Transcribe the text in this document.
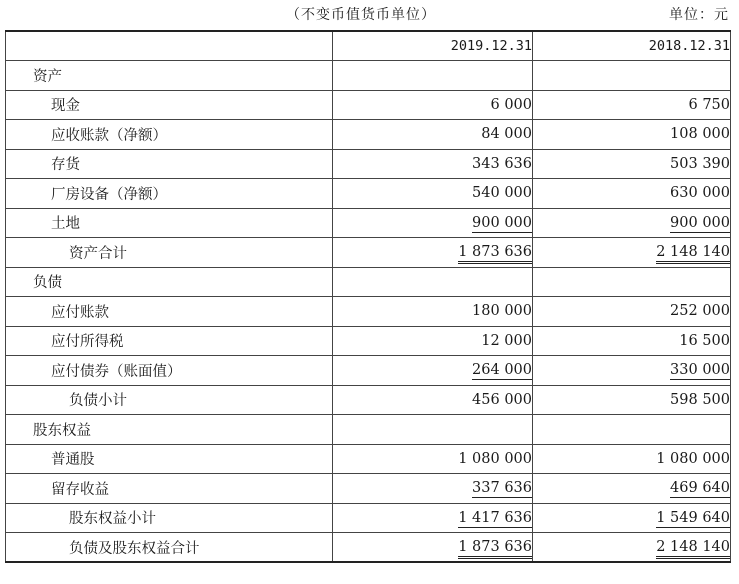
（不变币值货币单位）	单位：元
	2019.12.31	2018.12.31
资产		
现金	6 000	6 750
应收账款（净额）	84 000	108 000
存货	343 636	503 390
厂房设备（净额）	540 000	630 000
土地	900 000	900 000
资产合计	1 873 636	2 148 140
负债		
应付账款	180 000	252 000
应付所得税	12 000	16 500
应付债券（账面值）	264 000	330 000
负债小计	456 000	598 500
股东权益		
普通股	1 080 000	1 080 000
留存收益	337 636	469 640
股东权益小计	1 417 636	1 549 640
负债及股东权益合计	1 873 636	2 148 140
